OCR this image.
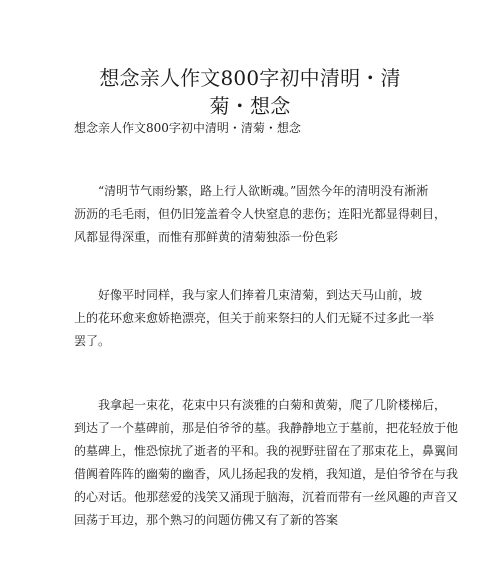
想念亲人作文800字初中清明・清
菊・想念
想念亲人作文800字初中清明・清菊・想念
　　“清明节气雨纷繁，路上行人欲断魂。”固然今年的清明没有淅淅
沥沥的毛毛雨，但仍旧笼盖着令人快窒息的悲伤；连阳光都显得刺目，
风都显得深重，而惟有那鲜黄的清菊独添一份色彩
　　好像平时同样，我与家人们捧着几束清菊，到达天马山前，坡
上的花环愈来愈娇艳漂亮，但关于前来祭扫的人们无疑不过多此一举
罢了。
　　我拿起一束花，花束中只有淡雅的白菊和黄菊，爬了几阶楼梯后，
到达了一个墓碑前，那是伯爷爷的墓。我静静地立于墓前，把花轻放于他
的墓碑上，惟恐惊扰了逝者的平和。我的视野驻留在了那束花上，鼻翼间
借阗着阵阵的幽菊的幽香，风儿扬起我的发梢，我知道，是伯爷爷在与我
的心对话。他那慈爱的浅笑又涌现于脑海，沉着而带有一丝风趣的声音又
回荡于耳边，那个熟习的问题仿佛又有了新的答案
